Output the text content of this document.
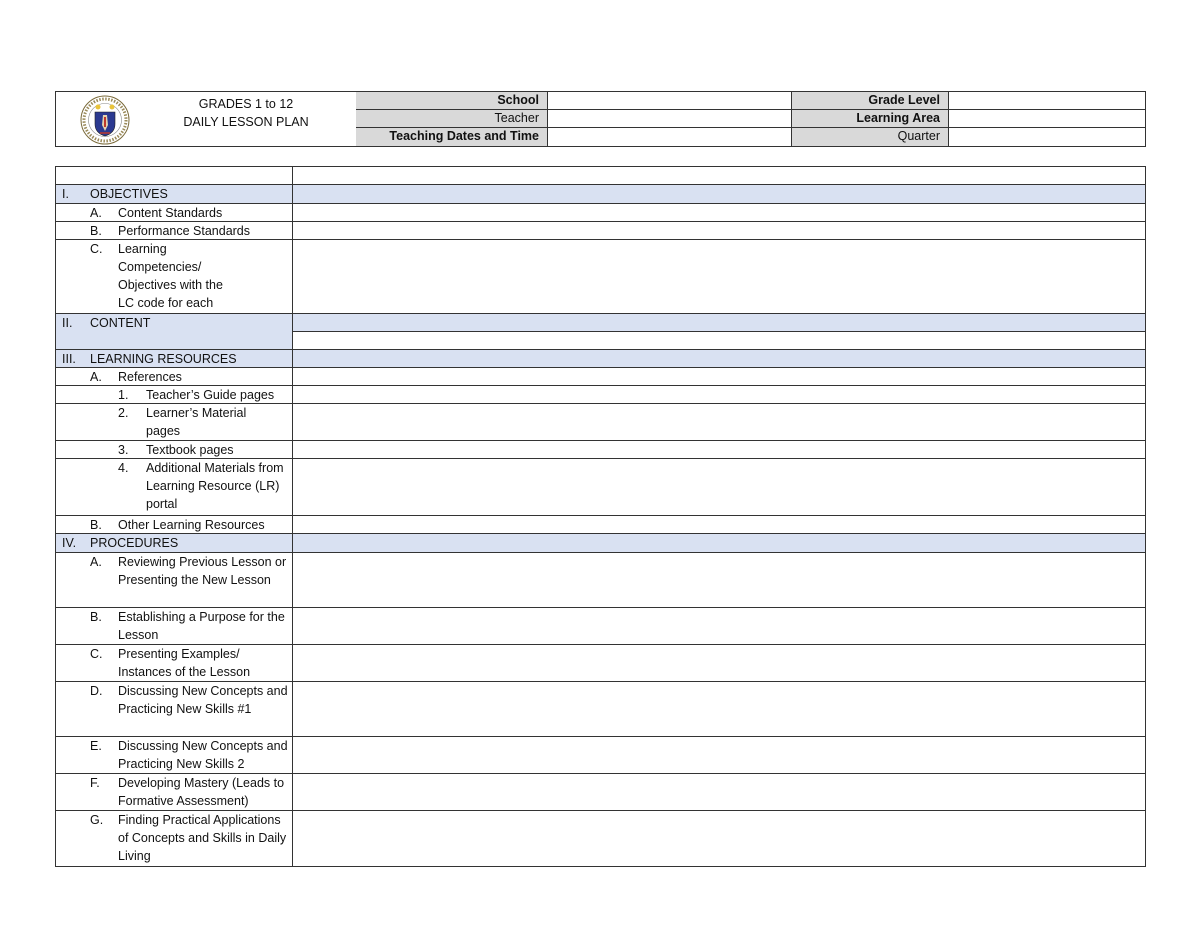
GRADES 1 to 12
DAILY LESSON PLAN
School	Grade Level
Teacher	Learning Area
Teaching Dates and Time	Quarter
I.	OBJECTIVES
A.	Content Standards
B.	Performance Standards
C.	Learning Competencies/ Objectives with the LC code for each
II.	CONTENT
III.	LEARNING RESOURCES
A.	References
1.	Teacher’s Guide pages
2.	Learner’s Material pages
3.	Textbook pages
4.	Additional Materials from Learning Resource (LR) portal
B.	Other Learning Resources
IV.	PROCEDURES
A.	Reviewing Previous Lesson or Presenting the New Lesson
B.	Establishing a Purpose for the Lesson
C.	Presenting Examples/ Instances of the Lesson
D.	Discussing New Concepts and Practicing New Skills #1
E.	Discussing New Concepts and Practicing New Skills 2
F.	Developing Mastery (Leads to Formative Assessment)
G.	Finding Practical Applications of Concepts and Skills in Daily Living
